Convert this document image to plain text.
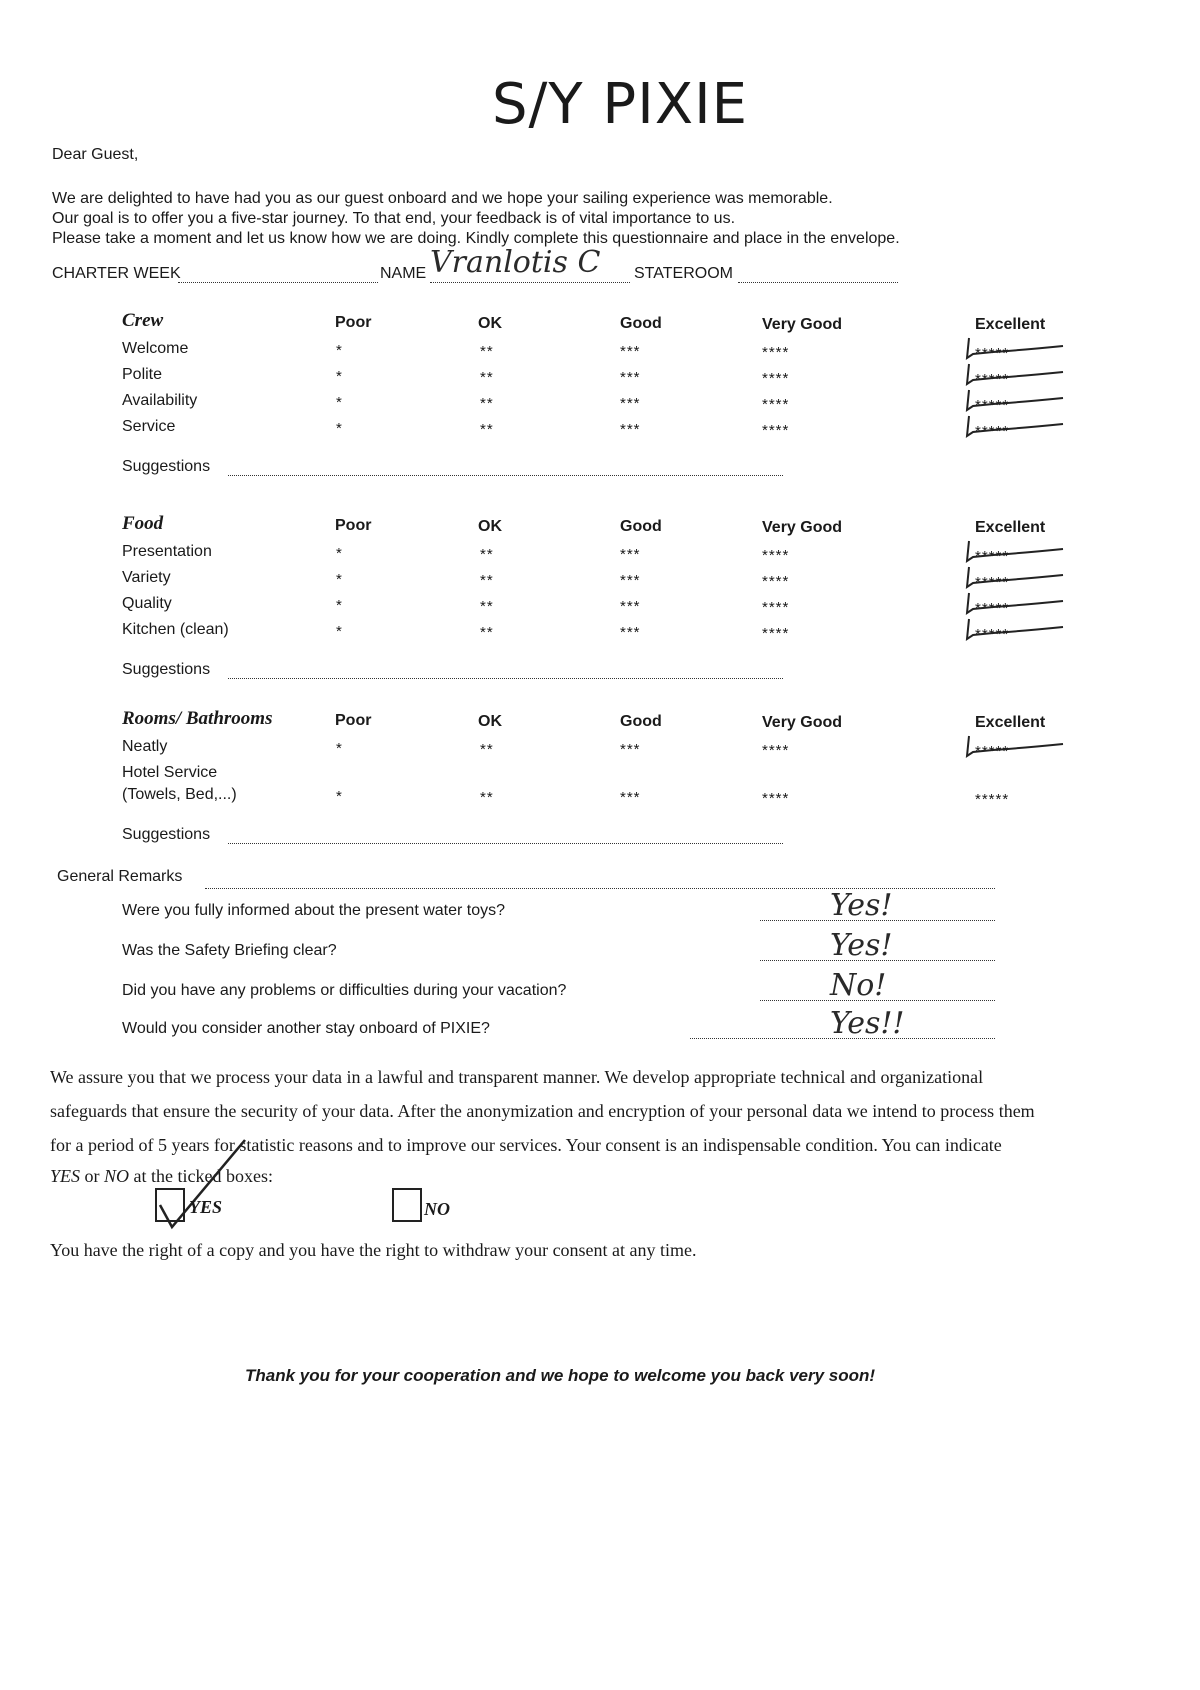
S/Y PIXIE
Dear Guest,
We are delighted to have had you as our guest onboard and we hope your sailing experience was memorable.
Our goal is to offer you a five-star journey. To that end, your feedback is of vital importance to us.
Please take a moment and let us know how we are doing. Kindly complete this questionnaire and place in the envelope.
CHARTER WEEK	NAME Vranlotis C STATEROOM
Crew	Poor	OK	Good	Very Good	Excellent
Welcome	*	**	***	****	*****
Polite	*	**	***	****	*****
Availability	*	**	***	****	*****
Service	*	**	***	****	*****
Suggestions
Food	Poor	OK	Good	Very Good	Excellent
Presentation	*	**	***	****	*****
Variety	*	**	***	****	*****
Quality	*	**	***	****	*****
Kitchen (clean)	*	**	***	****	*****
Suggestions
Rooms/ Bathrooms	Poor	OK	Good	Very Good	Excellent
Neatly	*	**	***	****	*****
Hotel Service
(Towels, Bed,...)	*	**	***	****	*****
Suggestions
General Remarks
Were you fully informed about the present water toys?	Yes!
Was the Safety Briefing clear?	Yes!
Did you have any problems or difficulties during your vacation?	No!
Would you consider another stay onboard of PIXIE?	Yes!!
We assure you that we process your data in a lawful and transparent manner. We develop appropriate technical and organizational
safeguards that ensure the security of your data. After the anonymization and encryption of your personal data we intend to process them
for a period of 5 years for statistic reasons and to improve our services. Your consent is an indispensable condition. You can indicate
YES or NO at the ticked boxes:
YES	NO
You have the right of a copy and you have the right to withdraw your consent at any time.
Thank you for your cooperation and we hope to welcome you back very soon!
